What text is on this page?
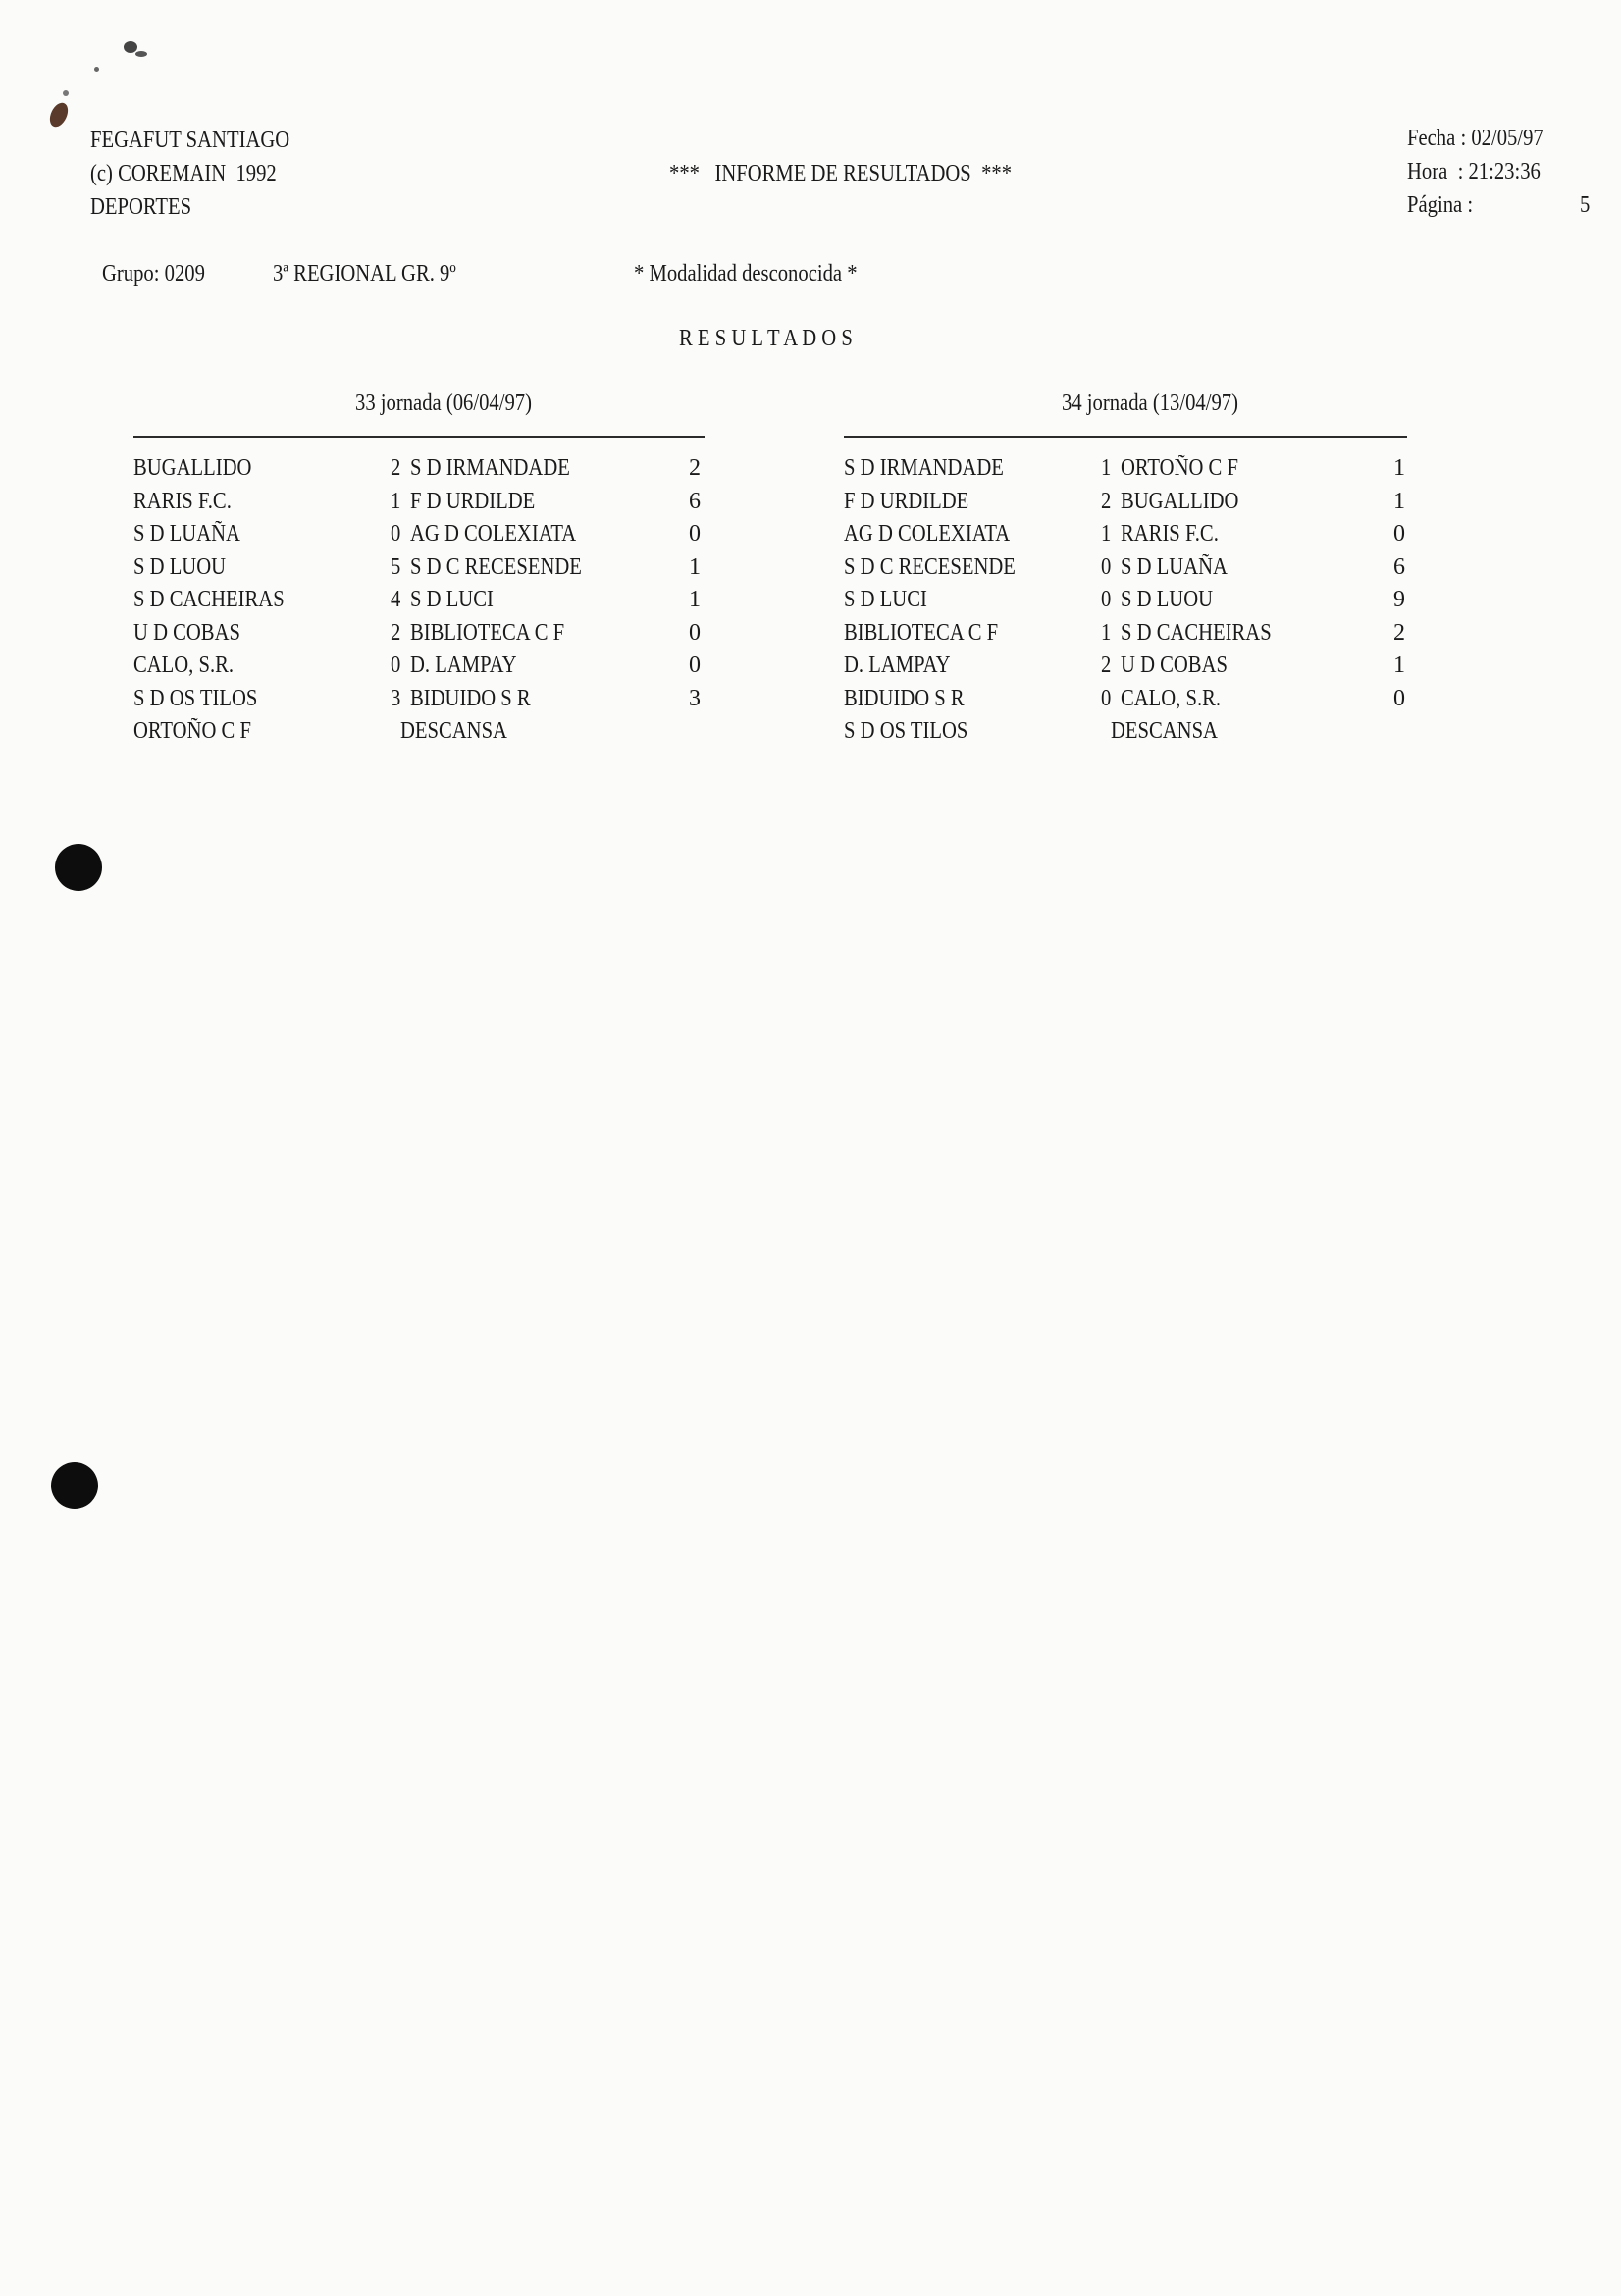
FEGAFUT SANTIAGO
(c) COREMAIN  1992
DEPORTES
***   INFORME DE RESULTADOS  ***
Fecha : 02/05/97
Hora  : 21:23:36
Página :	5
Grupo: 0209	3ª REGIONAL GR. 9º	* Modalidad desconocida *
R E S U L T A D O S
33 jornada (06/04/97)
BUGALLIDO	2 S D IRMANDADE	2
RARIS F.C.	1 F D URDILDE	6
S D LUAÑA	0 AG D COLEXIATA	0
S D LUOU	5 S D C RECESENDE	1
S D CACHEIRAS	4 S D LUCI	1
U D COBAS	2 BIBLIOTECA C F	0
CALO, S.R.	0 D. LAMPAY	0
S D OS TILOS	3 BIDUIDO S R	3
ORTOÑO C F	DESCANSA
34 jornada (13/04/97)
S D IRMANDADE	1 ORTOÑO C F	1
F D URDILDE	2 BUGALLIDO	1
AG D COLEXIATA	1 RARIS F.C.	0
S D C RECESENDE	0 S D LUAÑA	6
S D LUCI	0 S D LUOU	9
BIBLIOTECA C F	1 S D CACHEIRAS	2
D. LAMPAY	2 U D COBAS	1
BIDUIDO S R	0 CALO, S.R.	0
S D OS TILOS	DESCANSA
